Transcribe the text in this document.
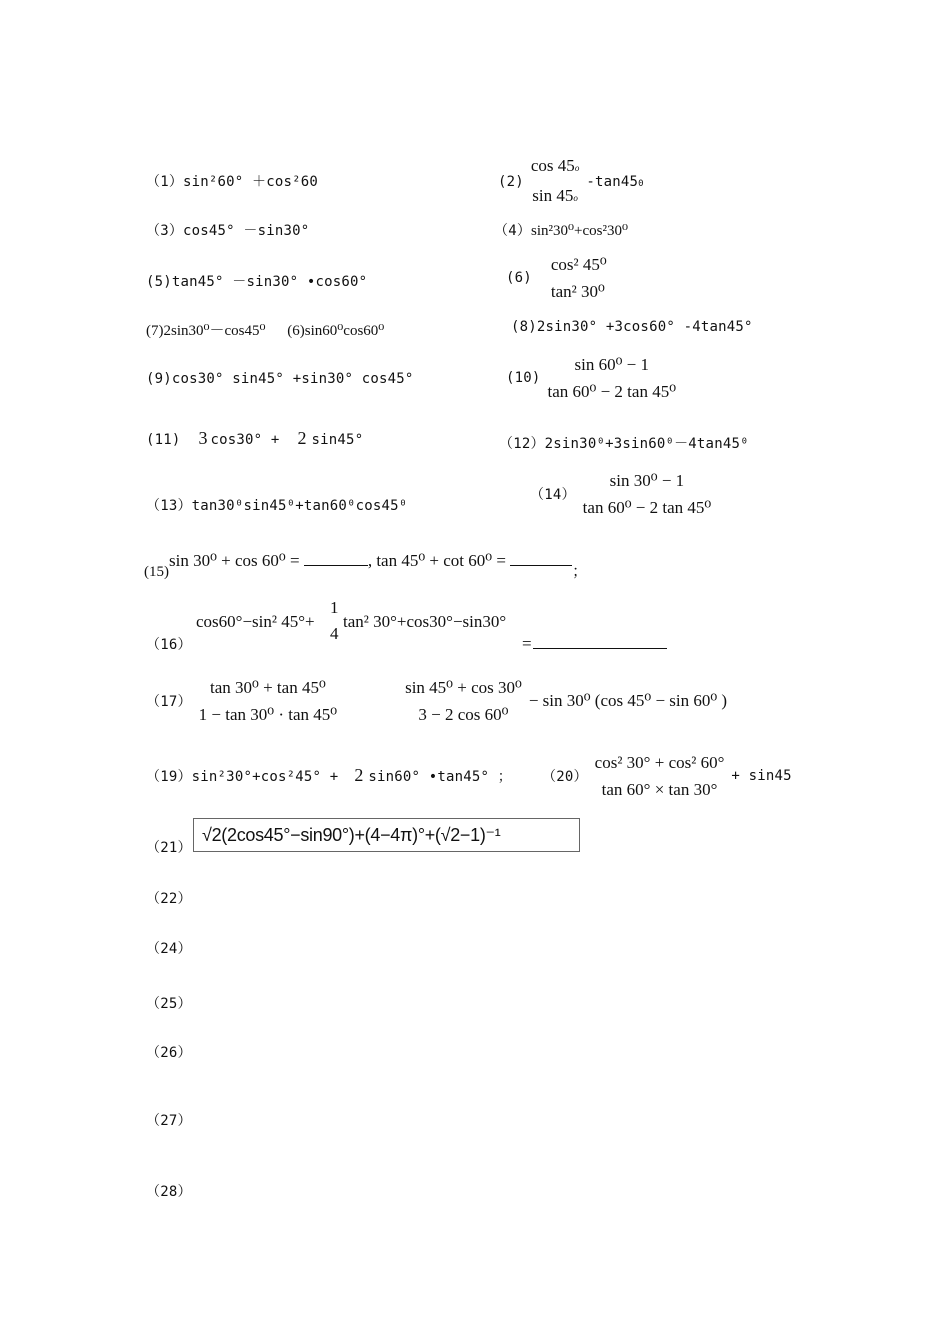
（1）sin²60° ＋cos²60	(2)
cos 45o
sin 45o
-tan450
（3）cos45° －sin30°	（4）sin²30⁰+cos²30⁰
(5)tan45° －sin30° •cos60°	(6)
cos² 45⁰
tan² 30⁰
(7)2sin30⁰－cos45⁰ (6)sin60⁰cos60⁰	(8)2sin30° +3cos60° -4tan45°
(9)cos30° sin45° +sin30° cos45°	(10)
sin 60⁰ − 1
tan 60⁰ − 2 tan 45⁰
(11) 3 cos30° + 2 sin45°	（12）2sin30⁰+3sin60⁰－4tan45⁰
（13）tan30⁰sin45⁰+tan60⁰cos45⁰
（14）
sin 30⁰ − 1
tan 60⁰ − 2 tan 45⁰
(15)sin 30⁰ + cos 60⁰ =	, tan 45⁰ + cot 60⁰ = ；
（16）
cos60°−sin² 45°+
1
4
tan² 30°+cos30°−sin30°
=
（17）
tan 30⁰ + tan 45⁰
1 − tan 30⁰ · tan 45⁰

sin 45⁰ + cos 30⁰
3 − 2 cos 60⁰
− sin 30⁰ (cos 45⁰ − sin 60⁰ )
（19）sin²30°+cos²45° + 2 sin60° •tan45° ； （20）
cos² 30° + cos² 60°
tan 60° × tan 30°
+ sin45
（21）
√2(2cos45°−sin90°)+(4−4π)°+(√2−1)⁻¹
（22）
（24）
（25）
（26）
（27）
（28）
